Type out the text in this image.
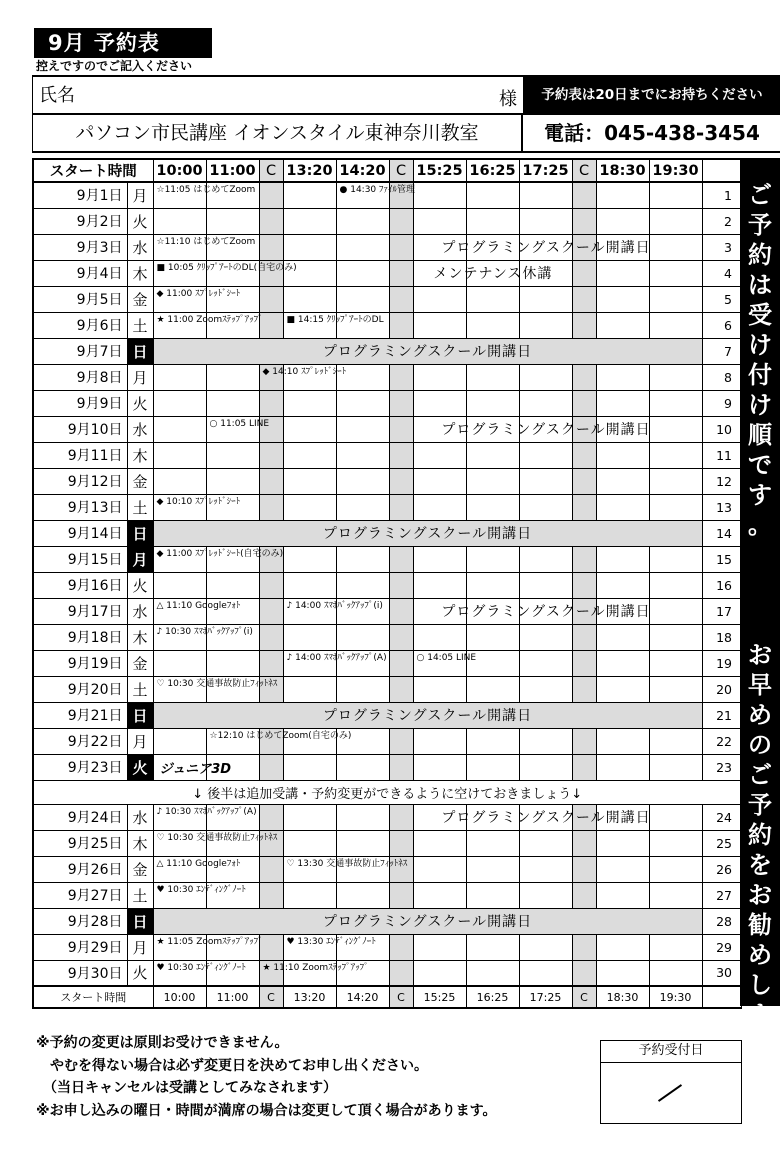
9月 予約表
控えですのでご記入ください
氏名	様	予約表は20日までにお持ちください
パソコン市民講座 イオンスタイル東神奈川教室	電話：045-438-3454
スタート時間		10:00	11:00	C	13:20	14:20	C	15:25	16:25	17:25	C	18:30	19:30	
9月1日	月	☆11:05 はじめてZoom				● 14:30 ﾌｧｲﾙ管理								1
9月2日	火													2
9月3日	水	☆11:10 はじめてZoom					プログラミングスクール開講日							3
9月4日	木	■ 10:05 ｸﾘｯﾌﾟｱｰﾄのDL(自宅のみ)			メンテナンス休講									4
9月5日	金	◆ 11:00 ｽﾌﾟﾚｯﾄﾞｼｰﾄ												5
9月6日	土	★ 11:00 Zoomｽﾃｯﾌﾟｱｯﾌﾟ			■ 14:15 ｸﾘｯﾌﾟｱｰﾄのDL									6
9月7日	日	プログラミングスクール開講日												7
9月8日	月			◆ 14:10 ｽﾌﾟﾚｯﾄﾞｼｰﾄ										8
9月9日	火													9
9月10日	水		○ 11:05 LINE				プログラミングスクール開講日							10
9月11日	木													11
9月12日	金													12
9月13日	土	◆ 10:10 ｽﾌﾟﾚｯﾄﾞｼｰﾄ												13
9月14日	日	プログラミングスクール開講日												14
9月15日	月	◆ 11:00 ｽﾌﾟﾚｯﾄﾞｼｰﾄ(自宅のみ)												15
9月16日	火													16
9月17日	水	△ 11:10 Googleﾌｫﾄ			♪ 14:00 ｽﾏﾎﾊﾞｯｸｱｯﾌﾟ(i)		プログラミングスクール開講日							17
9月18日	木	♪ 10:30 ｽﾏﾎﾊﾞｯｸｱｯﾌﾟ(i)												18
9月19日	金				♪ 14:00 ｽﾏﾎﾊﾞｯｸｱｯﾌﾟ(A)			○ 14:05 LINE						19
9月20日	土	♡ 10:30 交通事故防止ﾌｨｯﾄﾈｽ												20
9月21日	日	プログラミングスクール開講日												21
9月22日	月		☆12:10 はじめてZoom(自宅のみ)											22
9月23日	火	ジュニア3D												23
↓ 後半は追加受講・予約変更ができるように空けておきましょう↓														
9月24日	水	♪ 10:30 ｽﾏﾎﾊﾞｯｸｱｯﾌﾟ(A)					プログラミングスクール開講日							24
9月25日	木	♡ 10:30 交通事故防止ﾌｨｯﾄﾈｽ												25
9月26日	金	△ 11:10 Googleﾌｫﾄ			♡ 13:30 交通事故防止ﾌｨｯﾄﾈｽ									26
9月27日	土	♥ 10:30 ｴﾝﾃﾞｨﾝｸﾞﾉｰﾄ												27
9月28日	日	プログラミングスクール開講日												28
9月29日	月	★ 11:05 Zoomｽﾃｯﾌﾟｱｯﾌﾟ			♥ 13:30 ｴﾝﾃﾞｨﾝｸﾞﾉｰﾄ									29
9月30日	火	♥ 10:30 ｴﾝﾃﾞｨﾝｸﾞﾉｰﾄ		★ 11:10 Zoomｽﾃｯﾌﾟｱｯﾌﾟ										30
スタート時間		10:00	11:00	C	13:20	14:20	C	15:25	16:25	17:25	C	18:30	19:30	
ご
予
約
は
受
け
付
け
順
で
す
。
お
早
め
の
ご
予
約
を
お
勧
め
し
ま
す
。
※予約の変更は原則お受けできません。
　やむを得ない場合は必ず変更日を決めてお申し出ください。
　（当日キャンセルは受講としてみなされます）
※お申し込みの曜日・時間が満席の場合は変更して頂く場合があります。
予約受付日
